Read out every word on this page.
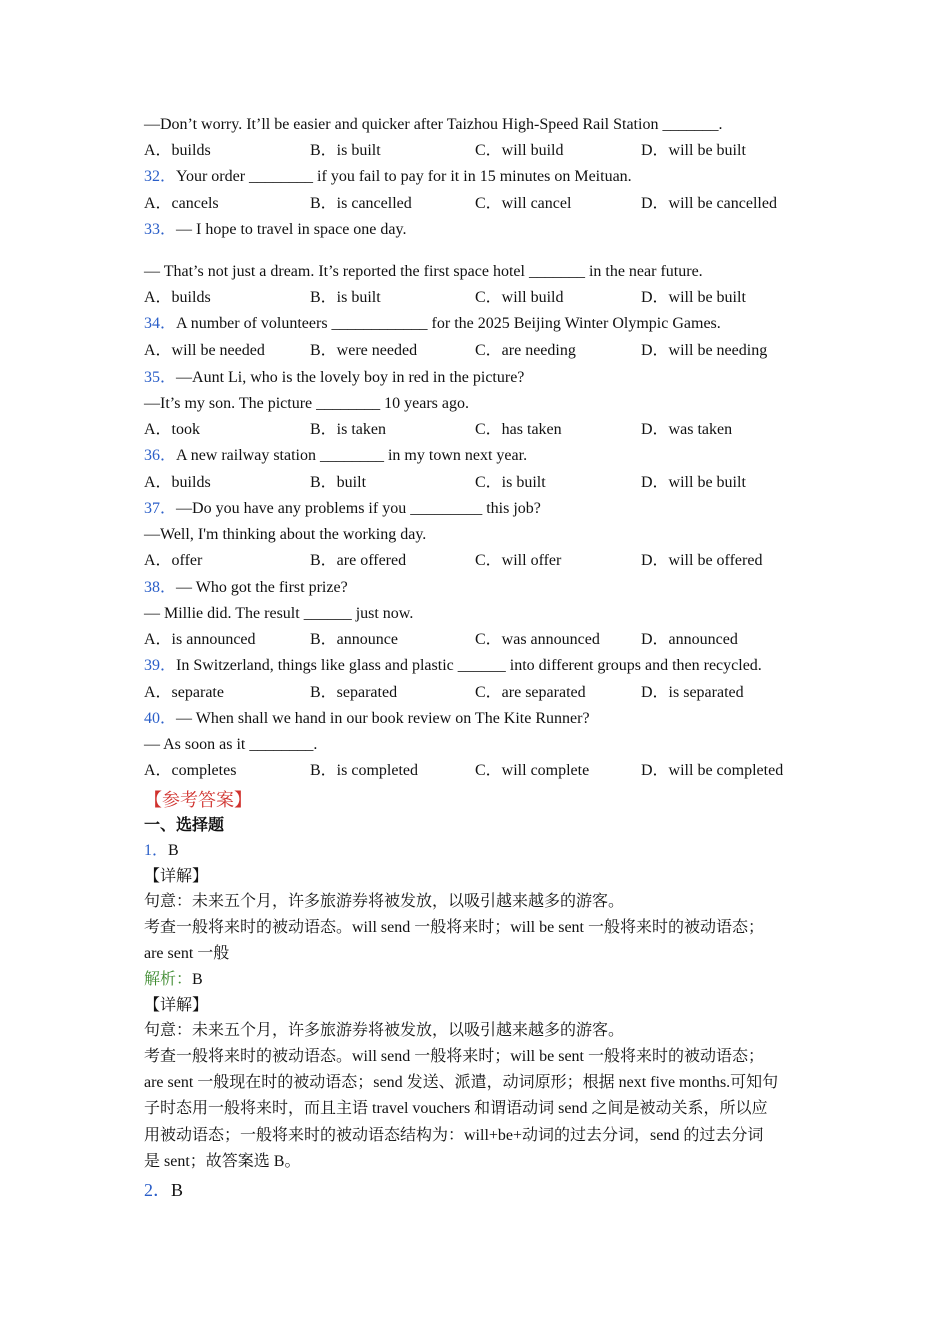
—Don’t worry. It’ll be easier and quicker after Taizhou High-Speed Rail Station _______.
A．builds	B．is built	C．will build	D．will be built
32．Your order ________ if you fail to pay for it in 15 minutes on Meituan.
A．cancels	B．is cancelled	C．will cancel	D．will be cancelled
33．— I hope to travel in space one day.
— That’s not just a dream. It’s reported the first space hotel _______ in the near future.
A．builds	B．is built	C．will build	D．will be built
34．A number of volunteers ____________ for the 2025 Beijing Winter Olympic Games.
A．will be needed	B．were needed	C．are needing	D．will be needing
35．—Aunt Li, who is the lovely boy in red in the picture?
—It’s my son. The picture ________ 10 years ago.
A．took	B．is taken	C．has taken	D．was taken
36．A new railway station ________ in my town next year.
A．builds	B．built	C．is built	D．will be built
37．—Do you have any problems if you _________ this job?
—Well, I'm thinking about the working day.
A．offer	B．are offered	C．will offer	D．will be offered
38．— Who got the first prize?
— Millie did. The result ______ just now.
A．is announced	B．announce	C．was announced	D．announced
39．In Switzerland, things like glass and plastic ______ into different groups and then recycled.
A．separate	B．separated	C．are separated	D．is separated
40．— When shall we hand in our book review on The Kite Runner?
— As soon as it ________.
A．completes	B．is completed	C．will complete	D．will be completed
【参考答案】
一、选择题
1．B
【详解】
句意：未来五个月，许多旅游券将被发放，以吸引越来越多的游客。
考查一般将来时的被动语态。will send 一般将来时；will be sent 一般将来时的被动语态；
are sent 一般
解析：B
【详解】
句意：未来五个月，许多旅游券将被发放，以吸引越来越多的游客。
考查一般将来时的被动语态。will send 一般将来时；will be sent 一般将来时的被动语态；
are sent 一般现在时的被动语态；send 发送、派遣，动词原形；根据 next five months.可知句
子时态用一般将来时，而且主语 travel vouchers 和谓语动词 send 之间是被动关系，所以应
用被动语态；一般将来时的被动语态结构为：will+be+动词的过去分词，send 的过去分词
是 sent；故答案选 B。
2．B
